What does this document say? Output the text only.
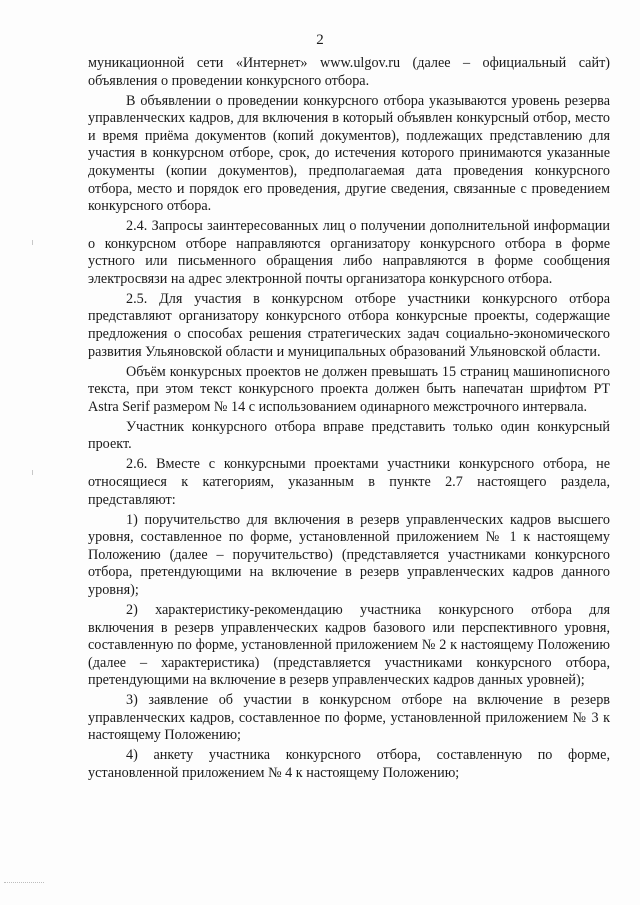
2

муникационной сети «Интернет» www.ulgov.ru (далее – официальный сайт) объявления о проведении конкурсного отбора.

В объявлении о проведении конкурсного отбора указываются уровень резерва управленческих кадров, для включения в который объявлен конкурсный отбор, место и время приёма документов (копий документов), подлежащих представлению для участия в конкурсном отборе, срок, до истечения которого принимаются указанные документы (копии документов), предполагаемая дата проведения конкурсного отбора, место и порядок его проведения, другие сведения, связанные с проведением конкурсного отбора.

2.4. Запросы заинтересованных лиц о получении дополнительной информации о конкурсном отборе направляются организатору конкурсного отбора в форме устного или письменного обращения либо направляются в форме сообщения электросвязи на адрес электронной почты организатора конкурсного отбора.

2.5. Для участия в конкурсном отборе участники конкурсного отбора представляют организатору конкурсного отбора конкурсные проекты, содержащие предложения о способах решения стратегических задач социально-экономического развития Ульяновской области и муниципальных образований Ульяновской области.

Объём конкурсных проектов не должен превышать 15 страниц машинописного текста, при этом текст конкурсного проекта должен быть напечатан шрифтом PT Astra Serif размером № 14 с использованием одинарного межстрочного интервала.

Участник конкурсного отбора вправе представить только один конкурсный проект.

2.6. Вместе с конкурсными проектами участники конкурсного отбора, не относящиеся к категориям, указанным в пункте 2.7 настоящего раздела, представляют:

1) поручительство для включения в резерв управленческих кадров высшего уровня, составленное по форме, установленной приложением № 1 к настоящему Положению (далее – поручительство) (представляется участниками конкурсного отбора, претендующими на включение в резерв управленческих кадров данного уровня);

2) характеристику-рекомендацию участника конкурсного отбора для включения в резерв управленческих кадров базового или перспективного уровня, составленную по форме, установленной приложением № 2 к настоящему Положению (далее – характеристика) (представляется участниками конкурсного отбора, претендующими на включение в резерв управленческих кадров данных уровней);

3) заявление об участии в конкурсном отборе на включение в резерв управленческих кадров, составленное по форме, установленной приложением № 3 к настоящему Положению;

4) анкету участника конкурсного отбора, составленную по форме, установленной приложением № 4 к настоящему Положению;
